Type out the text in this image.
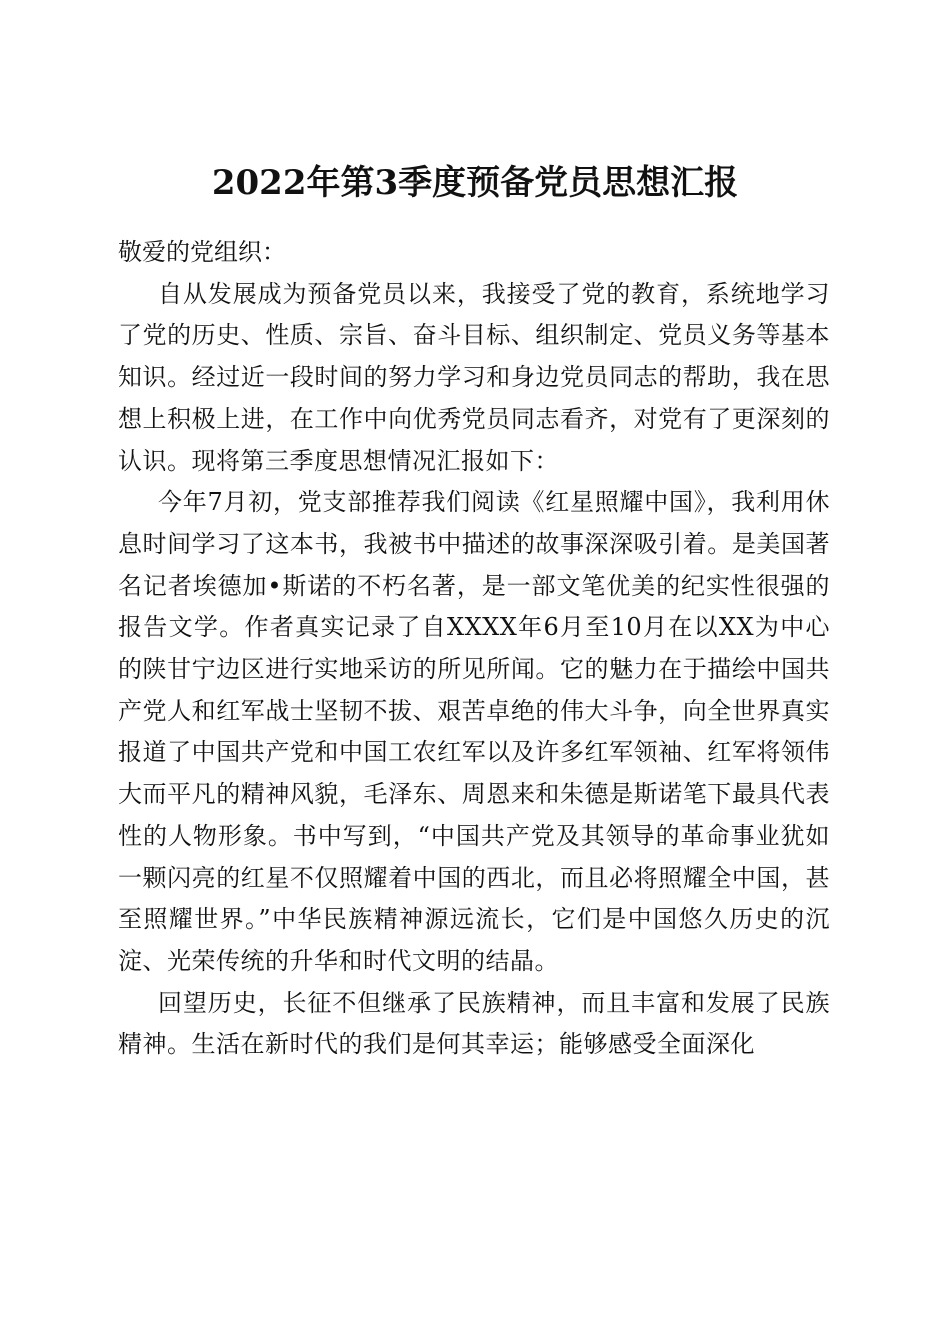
2022年第3季度预备党员思想汇报

敬爱的党组织：

自从发展成为预备党员以来，我接受了党的教育，系统地学习了党的历史、性质、宗旨、奋斗目标、组织制定、党员义务等基本知识。经过近一段时间的努力学习和身边党员同志的帮助，我在思想上积极上进，在工作中向优秀党员同志看齐，对党有了更深刻的认识。现将第三季度思想情况汇报如下：

今年7月初，党支部推荐我们阅读《红星照耀中国》，我利用休息时间学习了这本书，我被书中描述的故事深深吸引着。是美国著名记者埃德加•斯诺的不朽名著，是一部文笔优美的纪实性很强的报告文学。作者真实记录了自XXXX年6月至10月在以XX为中心的陕甘宁边区进行实地采访的所见所闻。它的魅力在于描绘中国共产党人和红军战士坚韧不拔、艰苦卓绝的伟大斗争，向全世界真实报道了中国共产党和中国工农红军以及许多红军领袖、红军将领伟大而平凡的精神风貌，毛泽东、周恩来和朱德是斯诺笔下最具代表性的人物形象。书中写到，“中国共产党及其领导的革命事业犹如一颗闪亮的红星不仅照耀着中国的西北，而且必将照耀全中国，甚至照耀世界。”中华民族精神源远流长，它们是中国悠久历史的沉淀、光荣传统的升华和时代文明的结晶。

回望历史，长征不但继承了民族精神，而且丰富和发展了民族精神。生活在新时代的我们是何其幸运；能够感受全面深化
